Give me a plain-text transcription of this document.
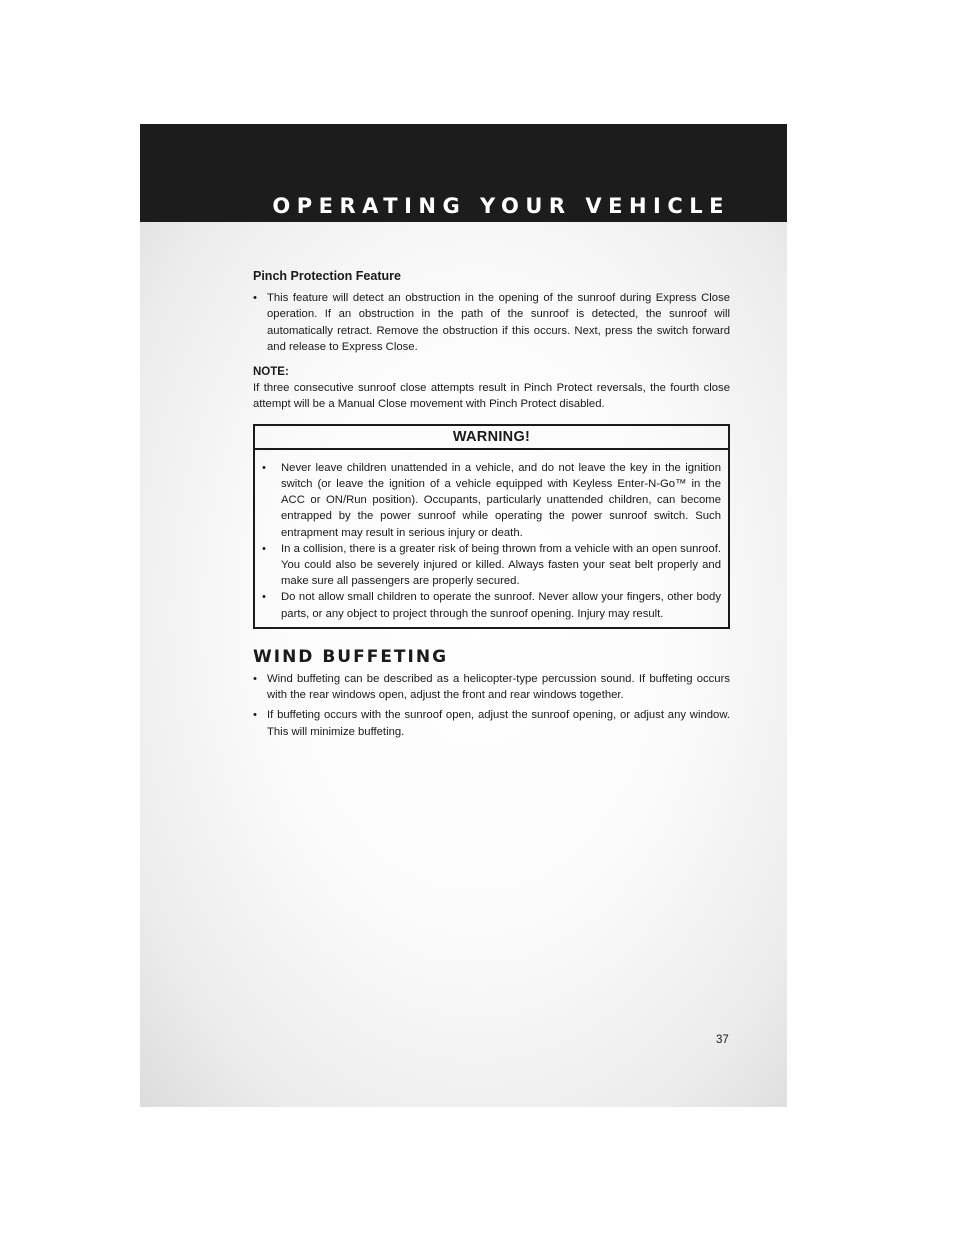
OPERATING YOUR VEHICLE
Pinch Protection Feature
• This feature will detect an obstruction in the opening of the sunroof during Express Close operation. If an obstruction in the path of the sunroof is detected, the sunroof will automatically retract. Remove the obstruction if this occurs. Next, press the switch forward and release to Express Close.
NOTE:
If three consecutive sunroof close attempts result in Pinch Protect reversals, the fourth close attempt will be a Manual Close movement with Pinch Protect disabled.
WARNING!
• Never leave children unattended in a vehicle, and do not leave the key in the ignition switch (or leave the ignition of a vehicle equipped with Keyless Enter-N-Go™ in the ACC or ON/Run position). Occupants, particularly unattended children, can become entrapped by the power sunroof while operating the power sunroof switch. Such entrapment may result in serious injury or death.
• In a collision, there is a greater risk of being thrown from a vehicle with an open sunroof. You could also be severely injured or killed. Always fasten your seat belt properly and make sure all passengers are properly secured.
• Do not allow small children to operate the sunroof. Never allow your fingers, other body parts, or any object to project through the sunroof opening. Injury may result.
WIND BUFFETING
• Wind buffeting can be described as a helicopter-type percussion sound. If buffeting occurs with the rear windows open, adjust the front and rear windows together.
• If buffeting occurs with the sunroof open, adjust the sunroof opening, or adjust any window. This will minimize buffeting.
37
